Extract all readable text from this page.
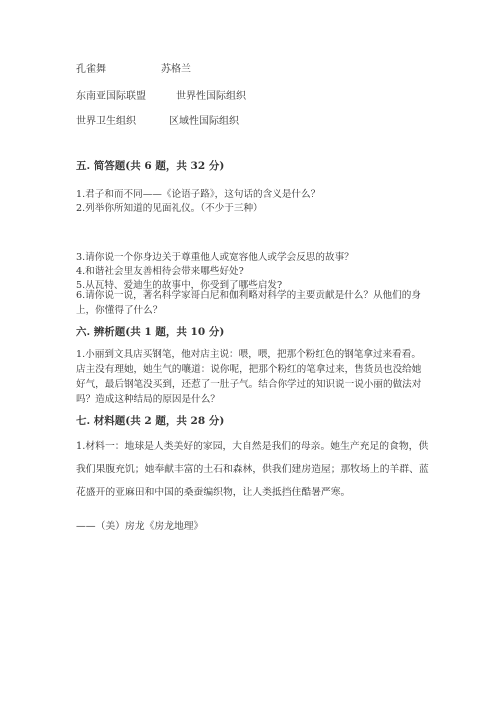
孔雀舞	苏格兰
东南亚国际联盟	世界性国际组织
世界卫生组织	区域性国际组织
五. 简答题(共 6 题，共 32 分)
1.君子和而不同——《论语子路》，这句话的含义是什么？
2.列举你所知道的见面礼仪。（不少于三种）
3.请你说一个你身边关于尊重他人或宽容他人或学会反思的故事？
4.和谐社会里友善相待会带来哪些好处?
5.从瓦特、爱迪生的故事中，你受到了哪些启发?
6.请你说一说，著名科学家哥白尼和伽利略对科学的主要贡献是什么？从他们的身上，你懂得了什么？
六. 辨析题(共 1 题，共 10 分)
1.小丽到文具店买钢笔，他对店主说：喂，喂，把那个粉红色的钢笔拿过来看看。店主没有理她，她生气的嚷道：说你呢，把那个粉红的笔拿过来，售货员也没给她好气，最后钢笔没买到，还惹了一肚子气。结合你学过的知识说一说小丽的做法对吗？造成这种结局的原因是什么？
七. 材料题(共 2 题，共 28 分)
1.材料一：地球是人类美好的家园，大自然是我们的母亲。她生产充足的食物，供我们果腹充饥；她奉献丰富的土石和森林，供我们建房造屋；那牧场上的羊群、蓝花盛开的亚麻田和中国的桑蚕编织物，让人类抵挡住酷暑严寒。
——（美）房龙《房龙地理》
